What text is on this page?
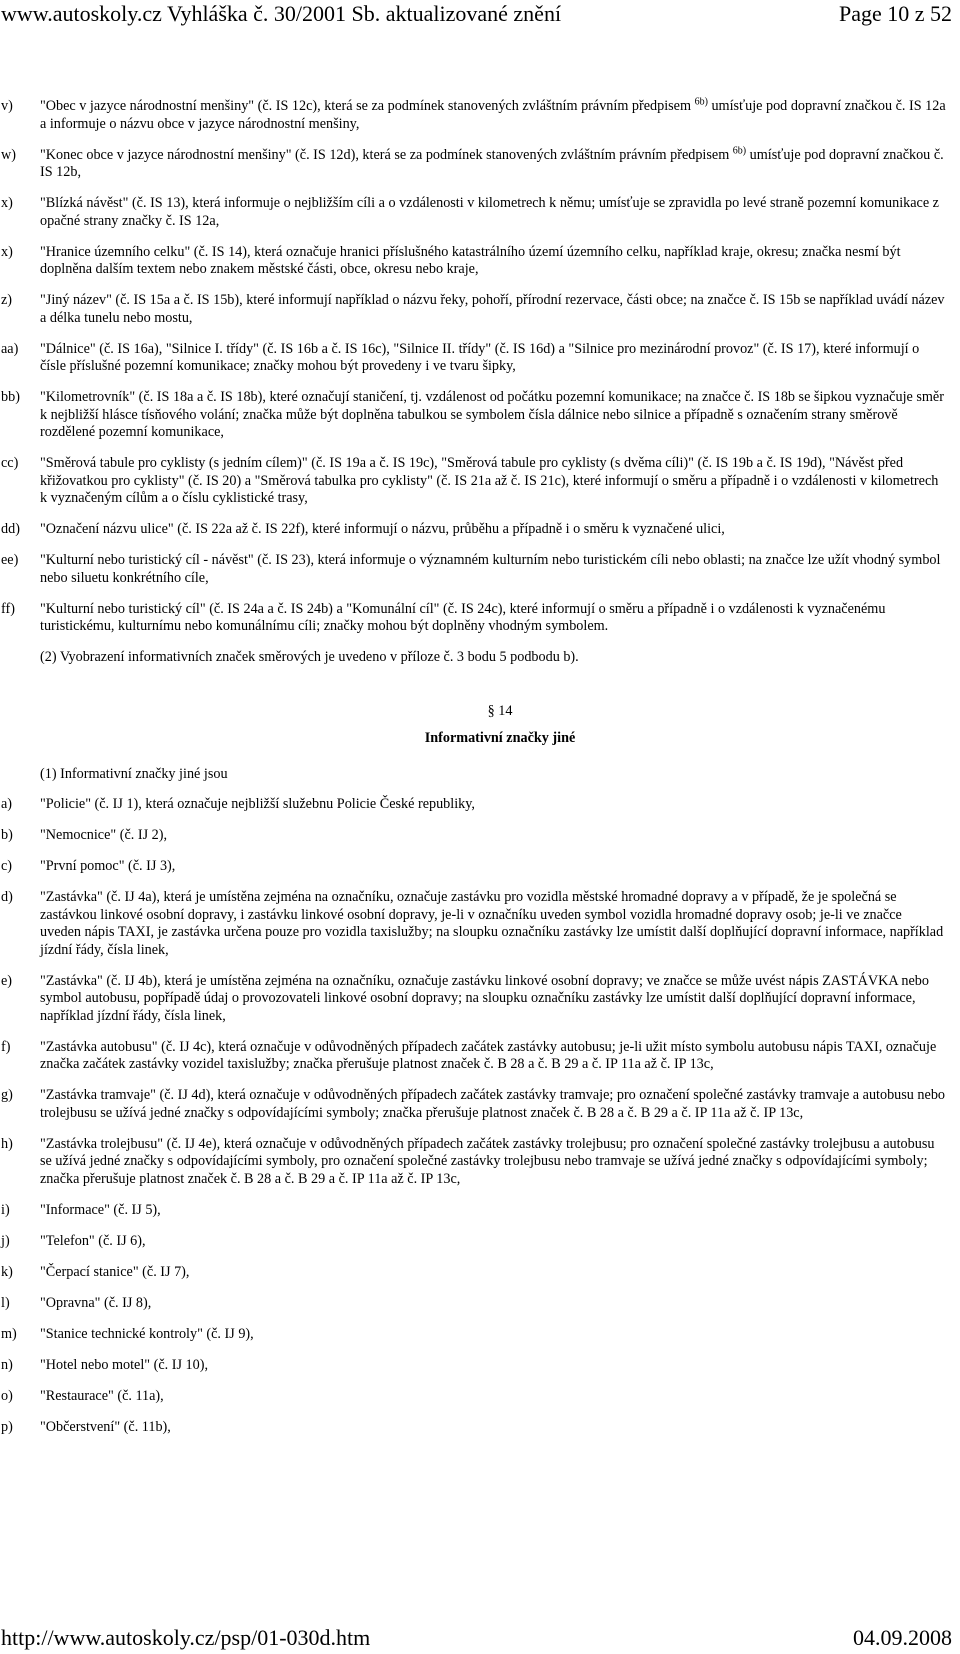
www.autoskoly.cz Vyhláška č. 30/2001 Sb. aktualizované znění	Page 10 z 52
v) "Obec v jazyce národnostní menšiny" (č. IS 12c), která se za podmínek stanovených zvláštním právním předpisem $^{6b)}$ umísťuje pod dopravní značkou č. IS 12a a informuje o názvu obce v jazyce národnostní menšiny,
w) "Konec obce v jazyce národnostní menšiny" (č. IS 12d), která se za podmínek stanovených zvláštním právním předpisem $^{6b)}$ umísťuje pod dopravní značkou č. IS 12b,
x) "Blízká návěst" (č. IS 13), která informuje o nejbližším cíli a o vzdálenosti v kilometrech k němu; umísťuje se zpravidla po levé straně pozemní komunikace z opačné strany značky č. IS 12a,
x) "Hranice územního celku" (č. IS 14), která označuje hranici příslušného katastrálního území územního celku, například kraje, okresu; značka nesmí být doplněna dalším textem nebo znakem městské části, obce, okresu nebo kraje,
z) "Jiný název" (č. IS 15a a č. IS 15b), které informují například o názvu řeky, pohoří, přírodní rezervace, části obce; na značce č. IS 15b se například uvádí název a délka tunelu nebo mostu,
aa) "Dálnice" (č. IS 16a), "Silnice I. třídy" (č. IS 16b a č. IS 16c), "Silnice II. třídy" (č. IS 16d) a "Silnice pro mezinárodní provoz" (č. IS 17), které informují o čísle příslušné pozemní komunikace; značky mohou být provedeny i ve tvaru šipky,
bb) "Kilometrovník" (č. IS 18a a č. IS 18b), které označují staničení, tj. vzdálenost od počátku pozemní komunikace; na značce č. IS 18b se šipkou vyznačuje směr k nejbližší hlásce tísňového volání; značka může být doplněna tabulkou se symbolem čísla dálnice nebo silnice a případně s označením strany směrově rozdělené pozemní komunikace,
cc) "Směrová tabule pro cyklisty (s jedním cílem)" (č. IS 19a a č. IS 19c), "Směrová tabule pro cyklisty (s dvěma cíli)" (č. IS 19b a č. IS 19d), "Návěst před křižovatkou pro cyklisty" (č. IS 20) a "Směrová tabulka pro cyklisty" (č. IS 21a až č. IS 21c), které informují o směru a případně i o vzdálenosti v kilometrech k vyznačeným cílům a o číslu cyklistické trasy,
dd) "Označení názvu ulice" (č. IS 22a až č. IS 22f), které informují o názvu, průběhu a případně i o směru k vyznačené ulici,
ee) "Kulturní nebo turistický cíl - návěst" (č. IS 23), která informuje o významném kulturním nebo turistickém cíli nebo oblasti; na značce lze užít vhodný symbol nebo siluetu konkrétního cíle,
ff) "Kulturní nebo turistický cíl" (č. IS 24a a č. IS 24b) a "Komunální cíl" (č. IS 24c), které informují o směru a případně i o vzdálenosti k vyznačenému turistickému, kulturnímu nebo komunálnímu cíli; značky mohou být doplněny vhodným symbolem.
(2) Vyobrazení informativních značek směrových je uvedeno v příloze č. 3 bodu 5 podbodu b).
§ 14
Informativní značky jiné
(1) Informativní značky jiné jsou
a) "Policie" (č. IJ 1), která označuje nejbližší služebnu Policie České republiky,
b) "Nemocnice" (č. IJ 2),
c) "První pomoc" (č. IJ 3),
d) "Zastávka" (č. IJ 4a), která je umístěna zejména na označníku, označuje zastávku pro vozidla městské hromadné dopravy a v případě, že je společná se zastávkou linkové osobní dopravy, i zastávku linkové osobní dopravy, je-li v označníku uveden symbol vozidla hromadné dopravy osob; je-li ve značce uveden nápis TAXI, je zastávka určena pouze pro vozidla taxislužby; na sloupku označníku zastávky lze umístit další doplňující dopravní informace, například jízdní řády, čísla linek,
e) "Zastávka" (č. IJ 4b), která je umístěna zejména na označníku, označuje zastávku linkové osobní dopravy; ve značce se může uvést nápis ZASTÁVKA nebo symbol autobusu, popřípadě údaj o provozovateli linkové osobní dopravy; na sloupku označníku zastávky lze umístit další doplňující dopravní informace, například jízdní řády, čísla linek,
f) "Zastávka autobusu" (č. IJ 4c), která označuje v odůvodněných případech začátek zastávky autobusu; je-li užit místo symbolu autobusu nápis TAXI, označuje značka začátek zastávky vozidel taxislužby; značka přerušuje platnost značek č. B 28 a č. B 29 a č. IP 11a až č. IP 13c,
g) "Zastávka tramvaje" (č. IJ 4d), která označuje v odůvodněných případech začátek zastávky tramvaje; pro označení společné zastávky tramvaje a autobusu nebo trolejbusu se užívá jedné značky s odpovídajícími symboly; značka přerušuje platnost značek č. B 28 a č. B 29 a č. IP 11a až č. IP 13c,
h) "Zastávka trolejbusu" (č. IJ 4e), která označuje v odůvodněných případech začátek zastávky trolejbusu; pro označení společné zastávky trolejbusu a autobusu se užívá jedné značky s odpovídajícími symboly, pro označení společné zastávky trolejbusu nebo tramvaje se užívá jedné značky s odpovídajícími symboly; značka přerušuje platnost značek č. B 28 a č. B 29 a č. IP 11a až č. IP 13c,
i) "Informace" (č. IJ 5),
j) "Telefon" (č. IJ 6),
k) "Čerpací stanice" (č. IJ 7),
l) "Opravna" (č. IJ 8),
m) "Stanice technické kontroly" (č. IJ 9),
n) "Hotel nebo motel" (č. IJ 10),
o) "Restaurace" (č. 11a),
p) "Občerstvení" (č. 11b),
http://www.autoskoly.cz/psp/01-030d.htm	04.09.2008
